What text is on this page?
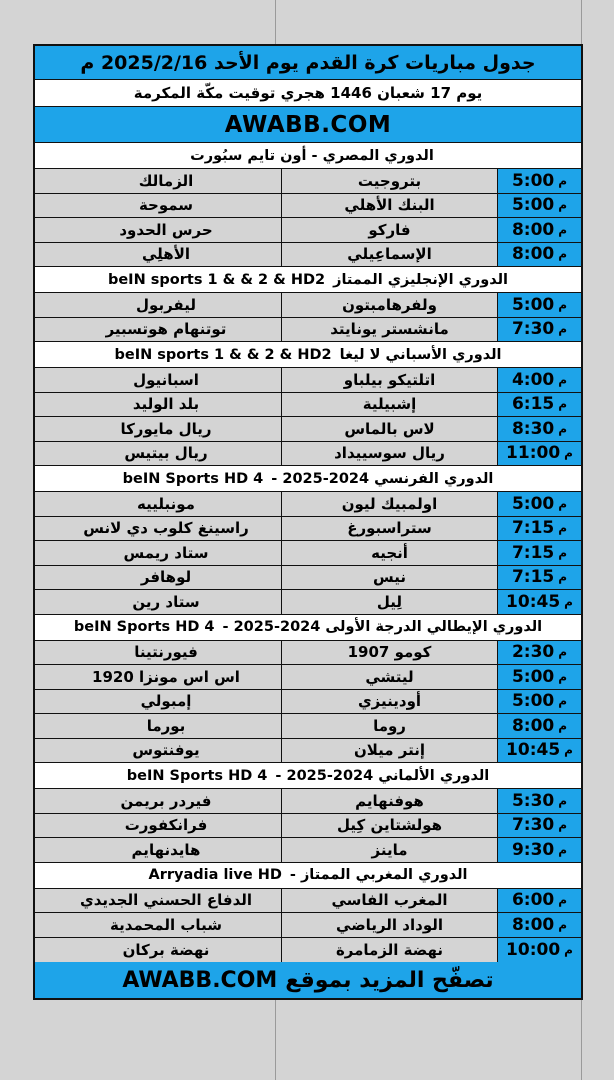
جدول مباريات كرة القدم يوم الأحد 2025/2/16 م
يوم 17 شعبان 1446 هجري توقيت مكّة المكرمة
AWABB.COM
الدوري المصري - أون تايم سبُورت
م
5:00
بتروجيت
الزمالك
م
5:00
البنك الأهلي
سموحة
م
8:00
فاركو
حرس الحدود
م
8:00
الإسماعِيلي
الأهلِي
الدوري الإنجليزي الممتاز
beIN sports 1 & & 2 & HD2
م
5:00
ولفرهامبتون
ليفربول
م
7:30
مانشستر يونايتد
توتنهام هوتسبير
الدوري الأسباني لا ليغا
beIN sports 1 & & 2 & HD2
م
4:00
اتلتيكو بيلباو
اسبانيول
م
6:15
إشبيلية
بلد الوليد
م
8:30
لاس بالماس
ريال مايوركا
م
11:00
ريال سوسييداد
ريال بيتيس
الدوري الفرنسي 2024-2025 -
beIN Sports HD 4
م
5:00
اولمبيك ليون
مونبلييه
م
7:15
ستراسبورغ
راسينغ كلوب دي لانس
م
7:15
أنجيه
ستاد ريمس
م
7:15
نيس
لوهافر
م
10:45
لِيل
ستاد رين
الدوري الإيطالي الدرجة الأولى 2024-2025 -
beIN Sports HD 4
م
2:30
كومو 1907
فيورنتينا
م
5:00
ليتشي
اس اس مونزا 1920
م
5:00
أودينيزي
إمبولي
م
8:00
روما
بورما
م
10:45
إنتر ميلان
يوفنتوس
الدوري الألماني 2024-2025 -
beIN Sports HD 4
م
5:30
هوفنهايم
فيردر بريمن
م
7:30
هولشتاين كِيل
فرانكفورت
م
9:30
ماينز
هايدنهايم
الدوري المغربي الممتاز -
Arryadia live HD
م
6:00
المغرب الفاسي
الدفاع الحسني الجديدي
م
8:00
الوداد الرياضي
شباب المحمدية
م
10:00
نهضة الزمامرة
نهضة بركان
تصفّح المزيد بموقع
AWABB.COM
